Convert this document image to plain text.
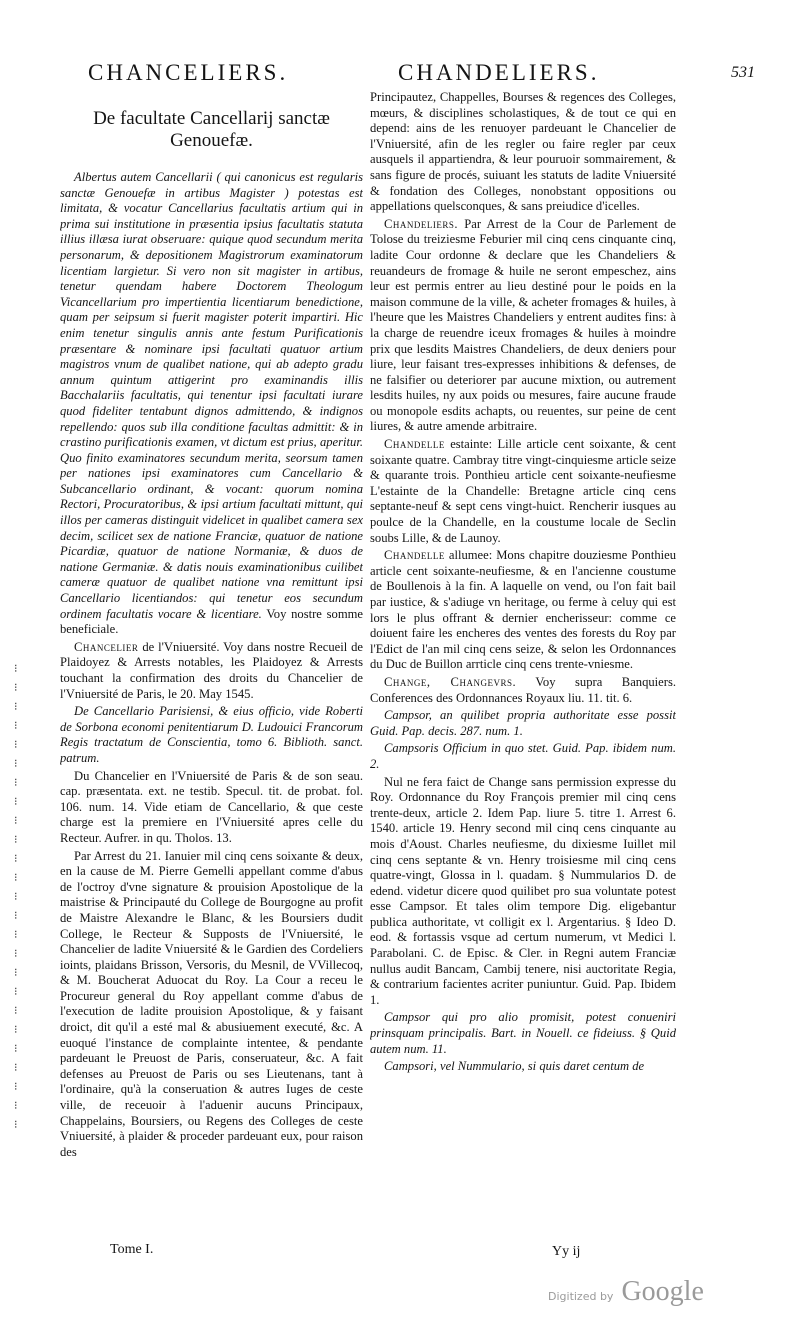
CHANCELIERS.	CHANDELIERS.	531
⁝
⁝
⁝
⁝
⁝
⁝
⁝
⁝
⁝
⁝
⁝
⁝
⁝
⁝
⁝
⁝
⁝
⁝
⁝
⁝
⁝
⁝
⁝
⁝
⁝
De facultate Cancellarij sanctæ Genouefæ.

Albertus autem Cancellarii ( qui canonicus est regularis sanctæ Genouefæ in artibus Magister ) potestas est limitata, & vocatur Cancellarius facultatis artium qui in prima sui institutione in præsentia ipsius facultatis statuta illius illæsa iurat obseruare: quique quod secundum merita personarum, & depositionem Magistrorum examinatorum licentiam largietur. Si vero non sit magister in artibus, tenetur quendam habere Doctorem Theologum Vicancellarium pro impertientia licentiarum benedictione, quam per seipsum si fuerit magister poterit impartiri. Hic enim tenetur singulis annis ante festum Purificationis præsentare & nominare ipsi facultati quatuor artium magistros vnum de qualibet natione, qui ab adepto gradu annum quintum attigerint pro examinandis illis Bacchalariis facultatis, qui tenentur ipsi facultati iurare quod fideliter tentabunt dignos admittendo, & indignos repellendo: quos sub illa conditione facultas admittit: & in crastino purificationis examen, vt dictum est prius, aperitur. Quo finito examinatores secundum merita, seorsum tamen per nationes ipsi examinatores cum Cancellario & Subcancellario ordinant, & vocant: quorum nomina Rectori, Procuratoribus, & ipsi artium facultati mittunt, qui illos per cameras distinguit videlicet in qualibet camera sex decim, scilicet sex de natione Franciæ, quatuor de natione Picardiæ, quatuor de natione Normaniæ, & duos de natione Germaniæ. & datis nouis examinationibus cuilibet cameræ quatuor de qualibet natione vna remittunt ipsi Cancellario licentiandos: qui tenetur eos secundum ordinem facultatis vocare & licentiare. Voy nostre somme beneficiale.

Chancelier de l'Vniuersité. Voy dans nostre Recueil de Plaidoyez & Arrests notables, les Plaidoyez & Arrests touchant la confirmation des droits du Chancelier de l'Vniuersité de Paris, le 20. May 1545.

De Cancellario Parisiensi, & eius officio, vide Roberti de Sorbona economi penitentiarum D. Ludouici Francorum Regis tractatum de Conscientia, tomo 6. Biblioth. sanct. patrum.

Du Chancelier en l'Vniuersité de Paris & de son seau. cap. præsentata. ext. ne testib. Specul. tit. de probat. fol. 106. num. 14. Vide etiam de Cancellario, & que ceste charge est la premiere en l'Vniuersité apres celle du Recteur. Aufrer. in qu. Tholos. 13.

Par Arrest du 21. Ianuier mil cinq cens soixante & deux, en la cause de M. Pierre Gemelli appellant comme d'abus de l'octroy d'vne signature & prouision Apostolique de la maistrise & Principauté du College de Bourgogne au profit de Maistre Alexandre le Blanc, & les Boursiers dudit College, le Recteur & Supposts de l'Vniuersité, le Chancelier de ladite Vniuersité & le Gardien des Cordeliers ioints, plaidans Brisson, Versoris, du Mesnil, de VVillecoq, & M. Boucherat Aduocat du Roy. La Cour a receu le Procureur general du Roy appellant comme d'abus de l'execution de ladite prouision Apostolique, & y faisant droict, dit qu'il a esté mal & abusiuement executé, &c. A euoqué l'instance de complainte intentee, & pendante pardeuant le Preuost de Paris, conseruateur, &c. A fait defenses au Preuost de Paris ou ses Lieutenans, tant à l'ordinaire, qu'à la conseruation & autres Iuges de ceste ville, de receuoir à l'aduenir aucuns Principaux, Chappelains, Boursiers, ou Regens des Colleges de ceste Vniuersité, à plaider & proceder pardeuant eux, pour raison des

Principautez, Chappelles, Bourses & regences des Colleges, mœurs, & disciplines scholastiques, & de tout ce qui en depend: ains de les renuoyer pardeuant le Chancelier de l'Vniuersité, afin de les regler ou faire regler par ceux ausquels il appartiendra, & leur pouruoir sommairement, & sans figure de procés, suiuant les statuts de ladite Vniuersité & fondation des Colleges, nonobstant oppositions ou appellations quelsconques, & sans preiudice d'icelles.

Chandeliers. Par Arrest de la Cour de Parlement de Tolose du treiziesme Feburier mil cinq cens cinquante cinq, ladite Cour ordonne & declare que les Chandeliers & reuandeurs de fromage & huile ne seront empeschez, ains leur est permis entrer au lieu destiné pour le poids en la maison commune de la ville, & acheter fromages & huiles, à l'heure que les Maistres Chandeliers y entrent audites fins: à la charge de reuendre iceux fromages & huiles à moindre prix que lesdits Maistres Chandeliers, de deux deniers pour liure, leur faisant tres-expresses inhibitions & defenses, de ne falsifier ou deteriorer par aucune mixtion, ou autrement lesdits huiles, ny aux poids ou mesures, faire aucune fraude ou monopole esdits achapts, ou reuentes, sur peine de cent liures, & autre amende arbitraire.

Chandelle estainte: Lille article cent soixante, & cent soixante quatre. Cambray titre vingt-cinquiesme article seize & quarante trois. Ponthieu article cent soixante-neufiesme L'estainte de la Chandelle: Bretagne article cinq cens septante-neuf & sept cens vingt-huict. Rencherir iusques au poulce de la Chandelle, en la coustume locale de Seclin soubs Lille, & de Launoy.

Chandelle allumee: Mons chapitre douziesme Ponthieu article cent soixante-neufiesme, & en l'ancienne coustume de Boullenois à la fin. A laquelle on vend, ou l'on fait bail par iustice, & s'adiuge vn heritage, ou ferme à celuy qui est lors le plus offrant & dernier encherisseur: comme ce doiuent faire les encheres des ventes des forests du Roy par l'Edict de l'an mil cinq cens seize, & selon les Ordonnances du Duc de Buillon arrticle cinq cens trente-vniesme.

Change, Changevrs. Voy supra Banquiers. Conferences des Ordonnances Royaux liu. 11. tit. 6.

Campsor, an quilibet propria authoritate esse possit Guid. Pap. decis. 287. num. 1.

Campsoris Officium in quo stet. Guid. Pap. ibidem num. 2.

Nul ne fera faict de Change sans permission expresse du Roy. Ordonnance du Roy François premier mil cinq cens trente-deux, article 2. Idem Pap. liure 5. titre 1. Arrest 6. 1540. article 19. Henry second mil cinq cens cinquante au mois d'Aoust. Charles neufiesme, du dixiesme Iuillet mil cinq cens septante & vn. Henry troisiesme mil cinq cens quatre-vingt, Glossa in l. quadam. § Nummularios D. de edend. videtur dicere quod quilibet pro sua voluntate potest esse Campsor. Et tales olim tempore Dig. eligebantur publica authoritate, vt colligit ex l. Argentarius. § Ideo D. eod. & fortassis vsque ad certum numerum, vt Medici l. Parabolani. C. de Episc. & Cler. in Regni autem Franciæ nullus audit Bancam, Cambij tenere, nisi auctoritate Regia, & contrarium facientes acriter puniuntur. Guid. Pap. Ibidem 1.

Campsor qui pro alio promisit, potest conueniri prinsquam principalis. Bart. in Nouell. ce fideiuss. § Quid autem num. 11.

Campsori, vel Nummulario, si quis daret centum de

Tome I.	Yy ij
Digitized by Google
